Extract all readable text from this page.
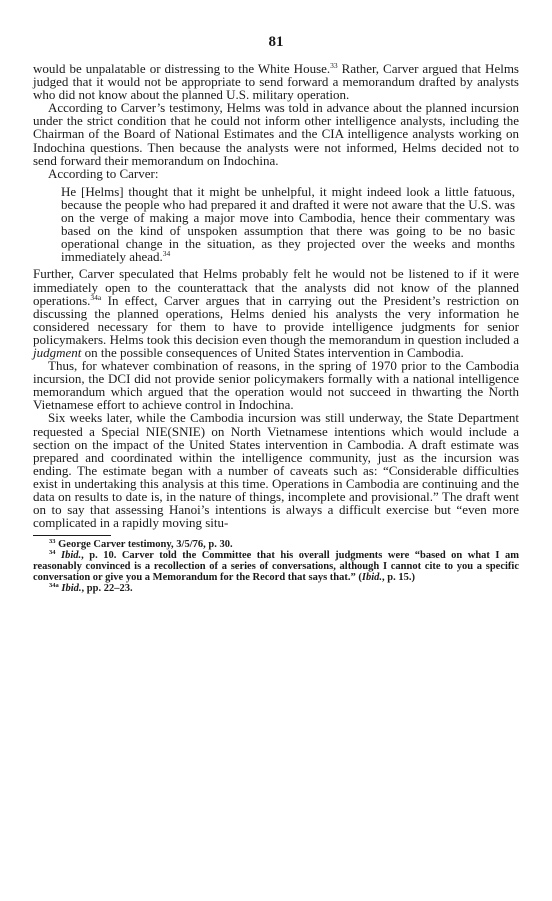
81

would be unpalatable or distressing to the White House.$^{33}$ Rather, Carver argued that Helms judged that it would not be appropriate to send forward a memorandum drafted by analysts who did not know about the planned U.S. military operation.

According to Carver’s testimony, Helms was told in advance about the planned incursion under the strict condition that he could not inform other intelligence analysts, including the Chairman of the Board of National Estimates and the CIA intelligence analysts working on Indochina questions. Then because the analysts were not informed, Helms decided not to send forward their memorandum on Indochina.

According to Carver:

He [Helms] thought that it might be unhelpful, it might indeed look a little fatuous, because the people who had prepared it and drafted it were not aware that the U.S. was on the verge of making a major move into Cambodia, hence their commentary was based on the kind of unspoken assumption that there was going to be no basic operational change in the situation, as they projected over the weeks and months immediately ahead.$^{34}$

Further, Carver speculated that Helms probably felt he would not be listened to if it were immediately open to the counterattack that the analysts did not know of the planned operations.$^{34a}$ In effect, Carver argues that in carrying out the President’s restriction on discussing the planned operations, Helms denied his analysts the very information he considered necessary for them to have to provide intelligence judgments for senior policymakers. Helms took this decision even though the memorandum in question included a judgment on the possible consequences of United States intervention in Cambodia.

Thus, for whatever combination of reasons, in the spring of 1970 prior to the Cambodia incursion, the DCI did not provide senior policymakers formally with a national intelligence memorandum which argued that the operation would not succeed in thwarting the North Vietnamese effort to achieve control in Indochina.

Six weeks later, while the Cambodia incursion was still underway, the State Department requested a Special NIE(SNIE) on North Vietnamese intentions which would include a section on the impact of the United States intervention in Cambodia. A draft estimate was prepared and coordinated within the intelligence community, just as the incursion was ending. The estimate began with a number of caveats such as: “Considerable difficulties exist in undertaking this analysis at this time. Operations in Cambodia are continuing and the data on results to date is, in the nature of things, incomplete and provisional.” The draft went on to say that assessing Hanoi’s intentions is always a difficult exercise but “even more complicated in a rapidly moving situ-

$^{33}$ George Carver testimony, 3/5/76, p. 30.

$^{34}$ Ibid., p. 10. Carver told the Committee that his overall judgments were “based on what I am reasonably convinced is a recollection of a series of conversations, although I cannot cite to you a specific conversation or give you a Memorandum for the Record that says that.” (Ibid., p. 15.)

$^{34a}$ Ibid., pp. 22–23.
